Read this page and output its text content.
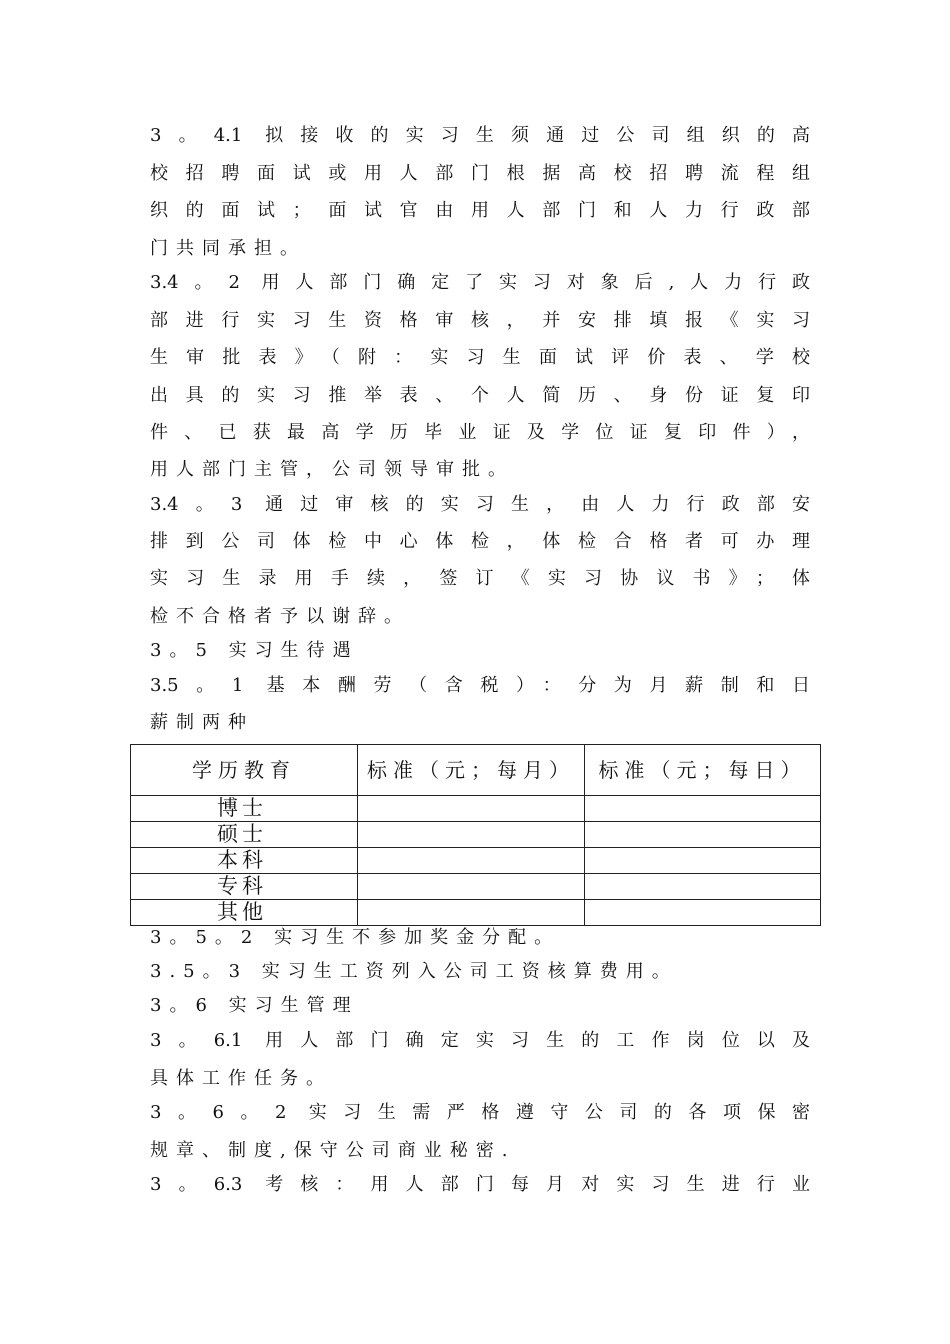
3。4.1 拟接收的实习生须通过公司组织的高
校招聘面试或用人部门根据高校招聘流程组
织的面试；面试官由用人部门和人力行政部
门共同承担。
3.4。2 用人部门确定了实习对象后,人力行政
部进行实习生资格审核，并安排填报《实习
生审批表》（附：实习生面试评价表、学校
出具的实习推举表、个人简历、身份证复印
件、已获最高学历毕业证及学位证复印件），
用人部门主管，公司领导审批。
3.4。3 通过审核的实习生，由人力行政部安
排到公司体检中心体检，体检合格者可办理
实习生录用手续，签订《实习协议书》；体
检不合格者予以谢辞。
3。5 实习生待遇
3.5。1 基本酬劳（含税）：分为月薪制和日
薪制两种
学历教育	标准（元；每月）	标准（元；每日）
博士		
硕士		
本科		
专科		
其他		
3。5。2 实习生不参加奖金分配。
3.5。3 实习生工资列入公司工资核算费用。
3。6 实习生管理
3。6.1 用人部门确定实习生的工作岗位以及
具体工作任务。
3。6。2 实习生需严格遵守公司的各项保密
规章、制度,保守公司商业秘密.
3。6.3 考核：用人部门每月对实习生进行业
